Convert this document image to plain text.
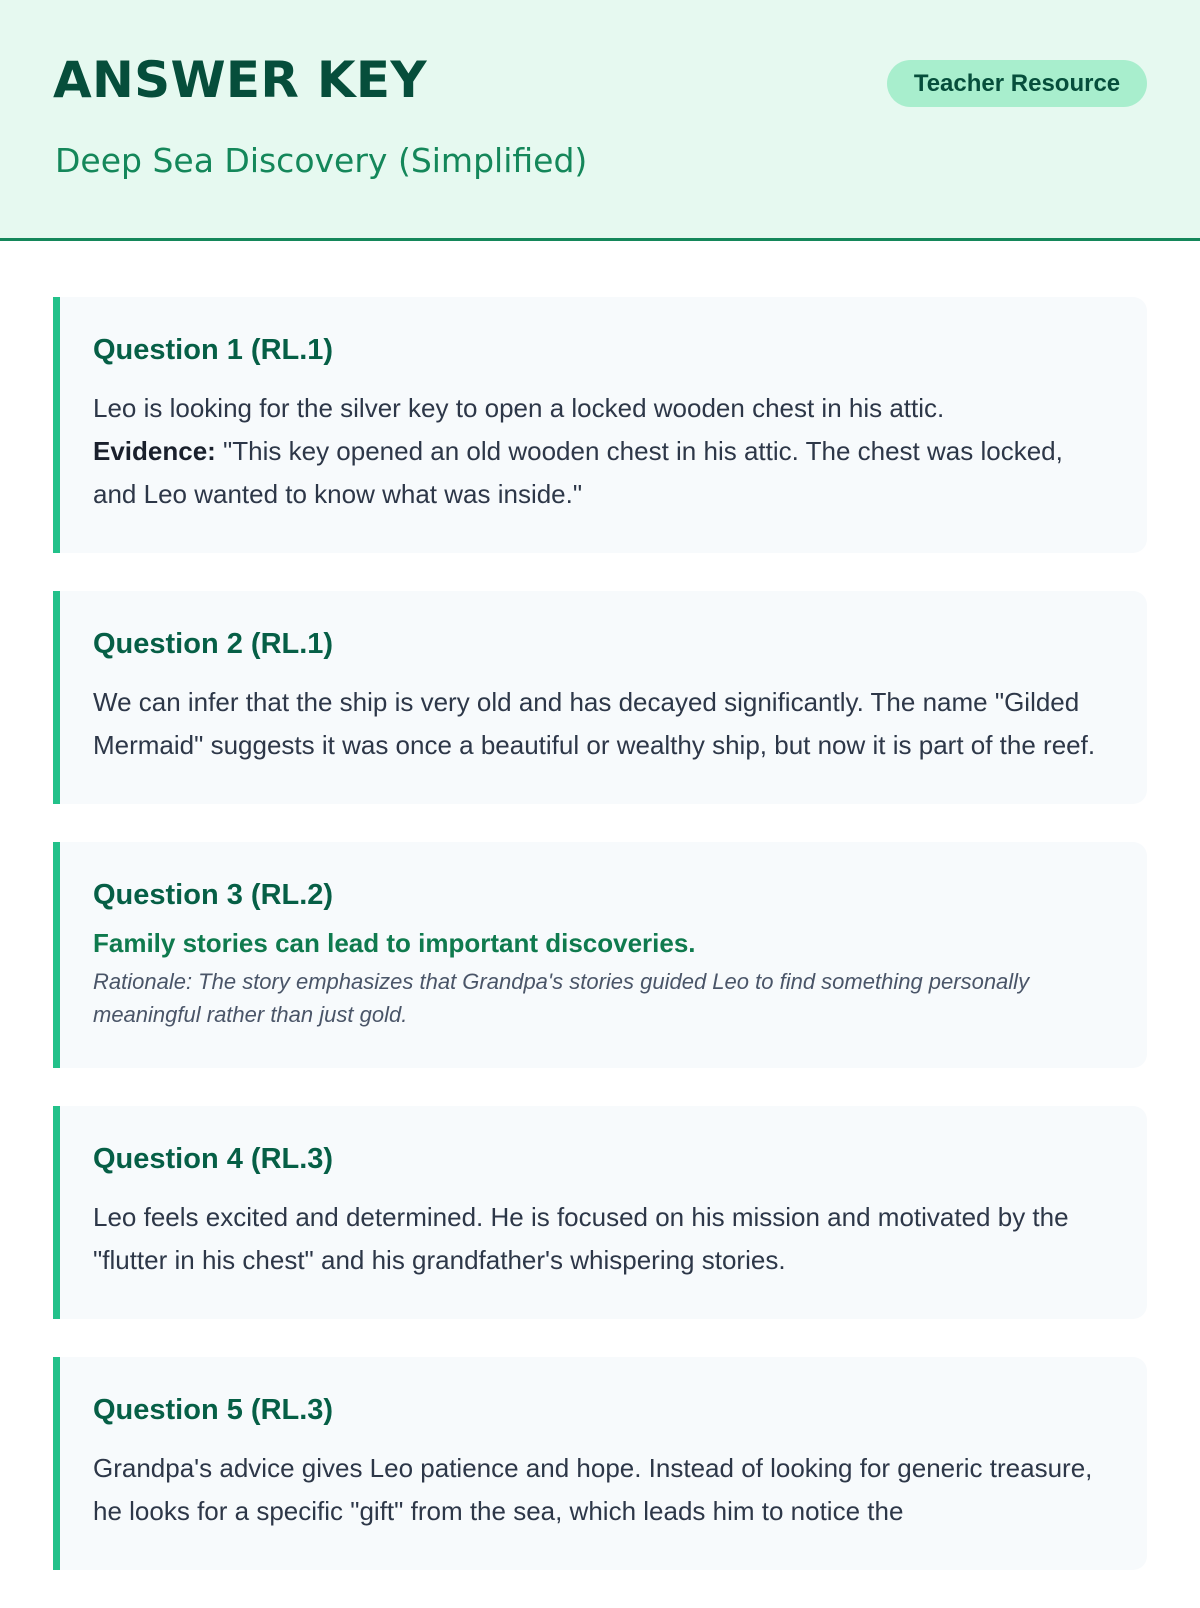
ANSWER KEY
Deep Sea Discovery (Simplified)
Teacher Resource
Question 1 (RL.1)

Leo is looking for the silver key to open a locked wooden chest in his attic.
Evidence: "This key opened an old wooden chest in his attic. The chest was locked, and Leo wanted to know what was inside."

Question 2 (RL.1)

We can infer that the ship is very old and has decayed significantly. The name "Gilded Mermaid" suggests it was once a beautiful or wealthy ship, but now it is part of the reef.

Question 3 (RL.2)
Family stories can lead to important discoveries.
Rationale: The story emphasizes that Grandpa's stories guided Leo to find something personally meaningful rather than just gold.
Question 4 (RL.3)

Leo feels excited and determined. He is focused on his mission and motivated by the "flutter in his chest" and his grandfather's whispering stories.

Question 5 (RL.3)

Grandpa's advice gives Leo patience and hope. Instead of looking for generic treasure, he looks for a specific "gift" from the sea, which leads him to notice the
